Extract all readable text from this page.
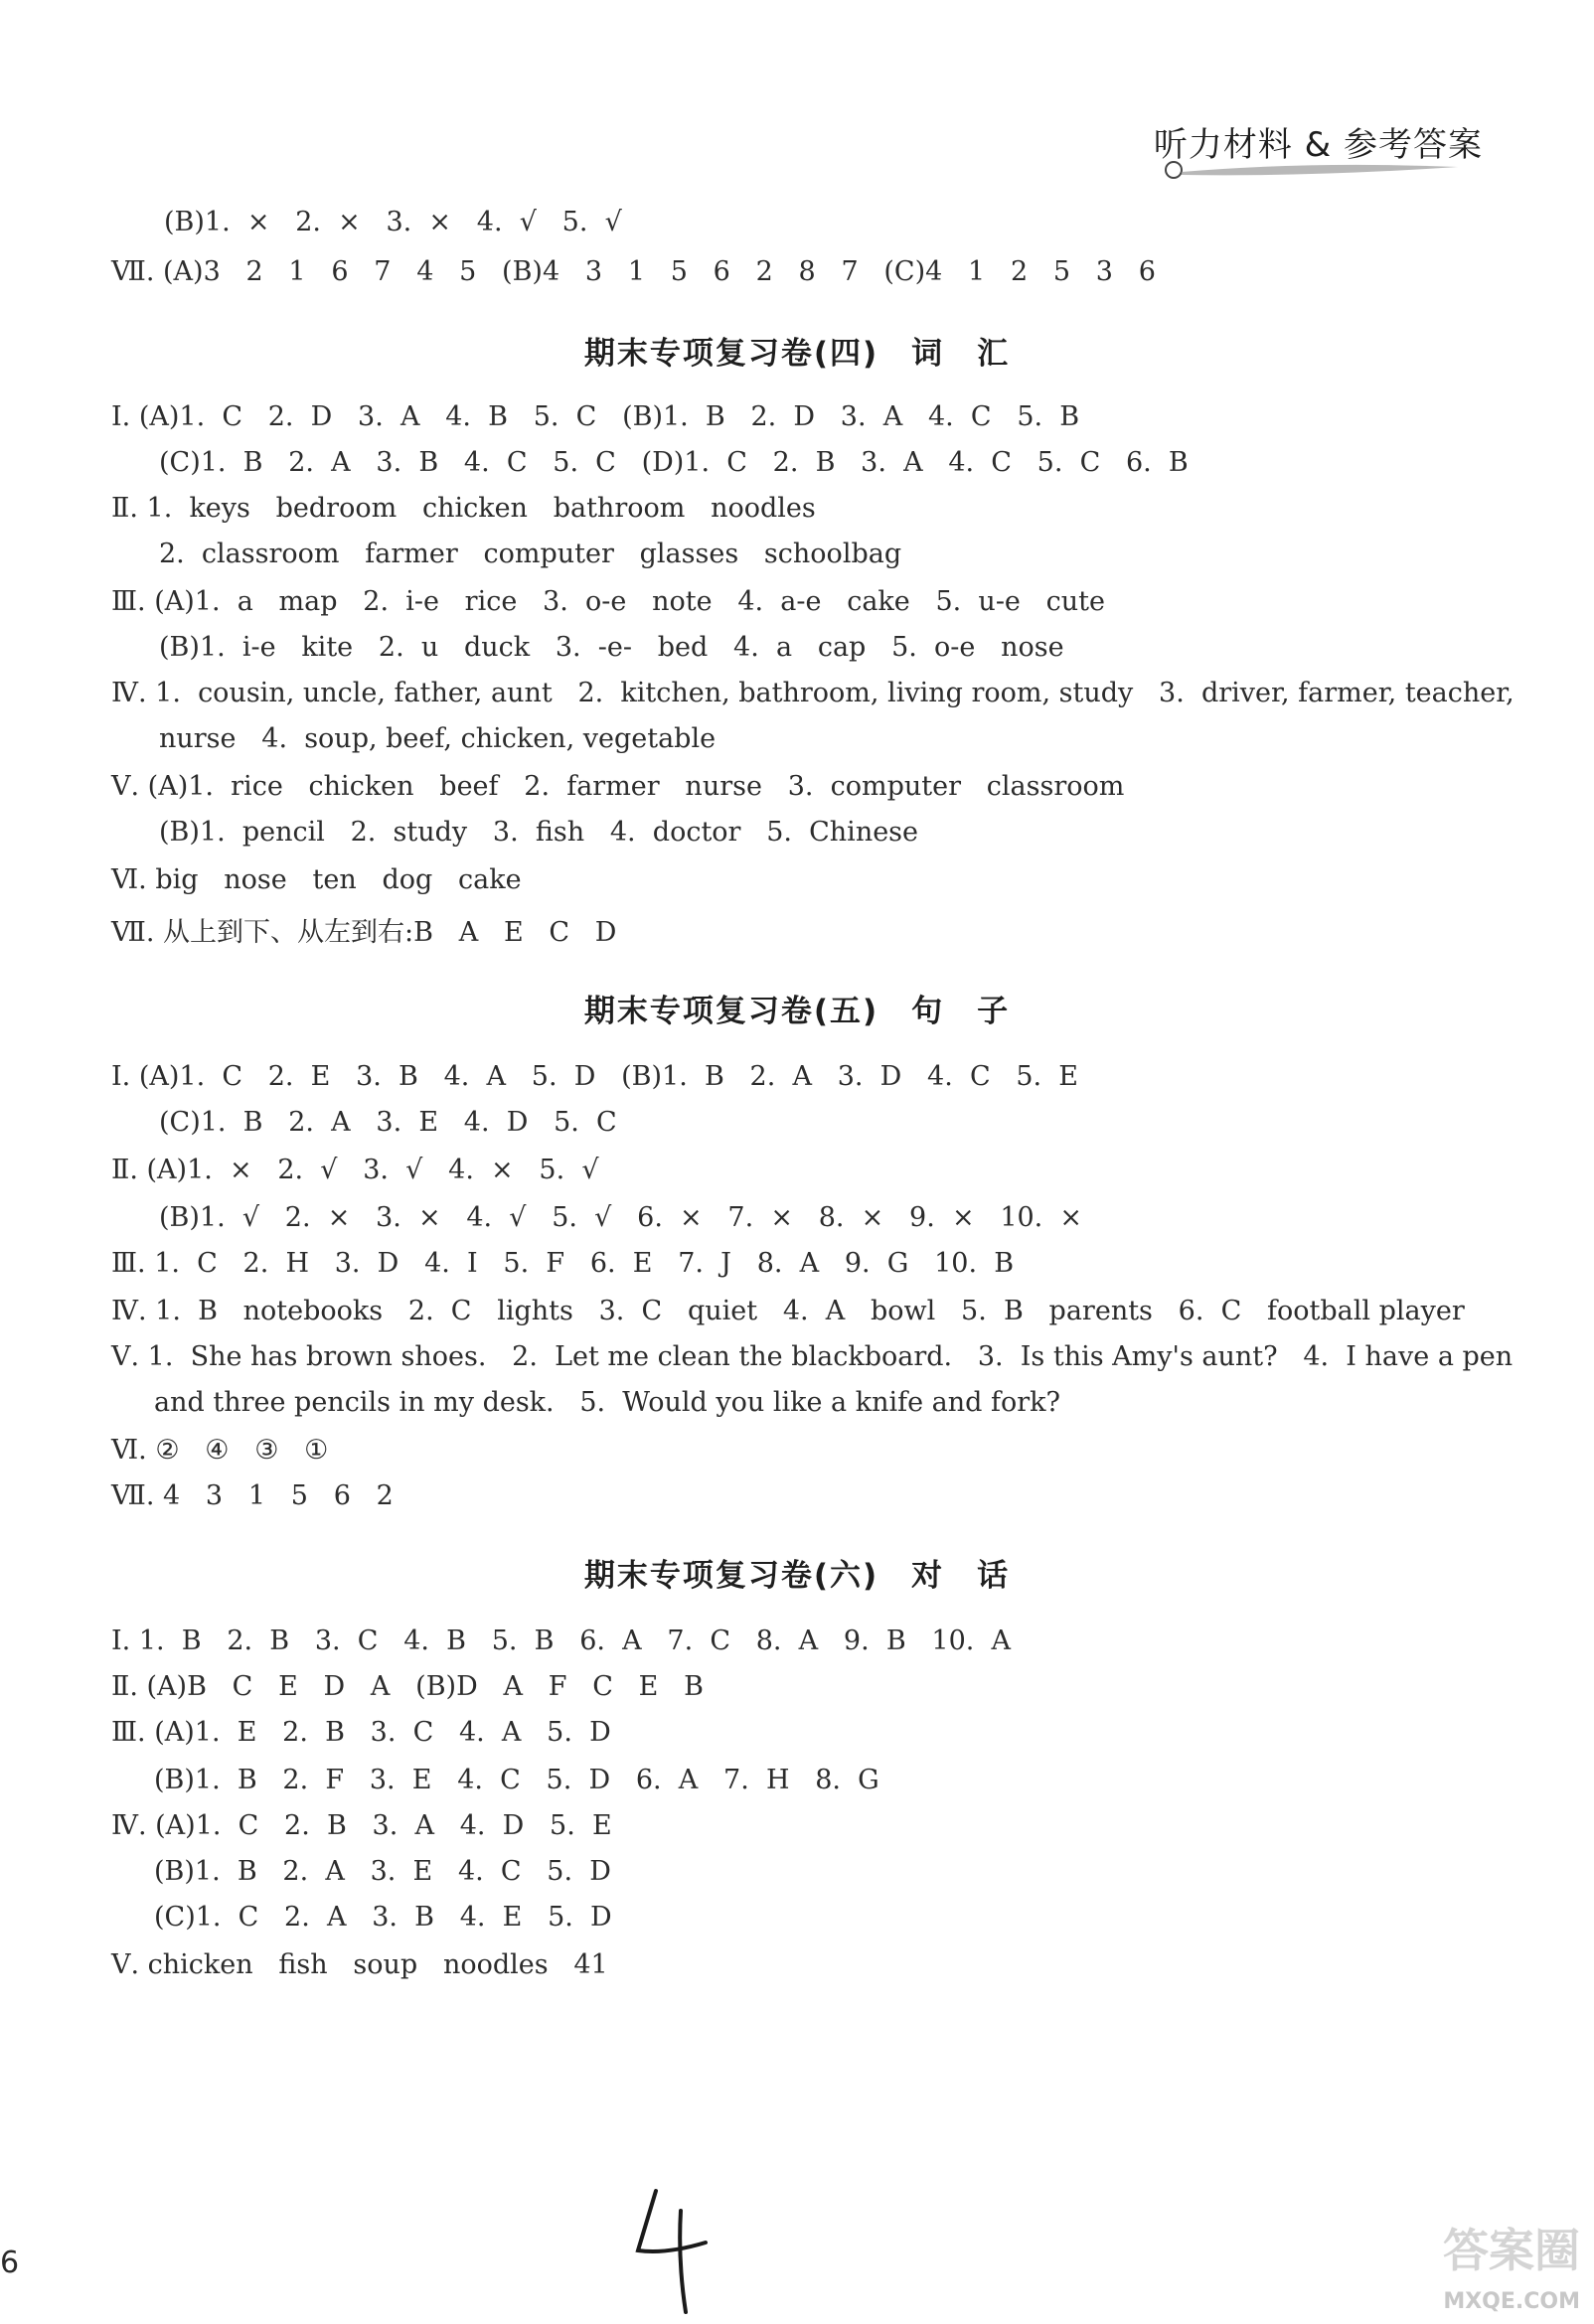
听力材料 & 参考答案
(B)1.  ×   2.  ×   3.  ×   4.  √   5.  √
Ⅶ. (A)3   2   1   6   7   4   5   (B)4   3   1   5   6   2   8   7   (C)4   1   2   5   3   6
期末专项复习卷(四)　词　汇
Ⅰ. (A)1.  C   2.  D   3.  A   4.  B   5.  C   (B)1.  B   2.  D   3.  A   4.  C   5.  B
(C)1.  B   2.  A   3.  B   4.  C   5.  C   (D)1.  C   2.  B   3.  A   4.  C   5.  C   6.  B
Ⅱ. 1.  keys   bedroom   chicken   bathroom   noodles
2.  classroom   farmer   computer   glasses   schoolbag
Ⅲ. (A)1.  a   map   2.  i-e   rice   3.  o-e   note   4.  a-e   cake   5.  u-e   cute
(B)1.  i-e   kite   2.  u   duck   3.  -e-   bed   4.  a   cap   5.  o-e   nose
Ⅳ. 1.  cousin, uncle, father, aunt   2.  kitchen, bathroom, living room, study   3.  driver, farmer, teacher,
nurse   4.  soup, beef, chicken, vegetable
Ⅴ. (A)1.  rice   chicken   beef   2.  farmer   nurse   3.  computer   classroom
(B)1.  pencil   2.  study   3.  fish   4.  doctor   5.  Chinese
Ⅵ. big   nose   ten   dog   cake
Ⅶ. 从上到下、从左到右:B   A   E   C   D
期末专项复习卷(五)　句　子
Ⅰ. (A)1.  C   2.  E   3.  B   4.  A   5.  D   (B)1.  B   2.  A   3.  D   4.  C   5.  E
(C)1.  B   2.  A   3.  E   4.  D   5.  C
Ⅱ. (A)1.  ×   2.  √   3.  √   4.  ×   5.  √
(B)1.  √   2.  ×   3.  ×   4.  √   5.  √   6.  ×   7.  ×   8.  ×   9.  ×   10.  ×
Ⅲ. 1.  C   2.  H   3.  D   4.  I   5.  F   6.  E   7.  J   8.  A   9.  G   10.  B
Ⅳ. 1.  B   notebooks   2.  C   lights   3.  C   quiet   4.  A   bowl   5.  B   parents   6.  C   football player
Ⅴ. 1.  She has brown shoes.   2.  Let me clean the blackboard.   3.  Is this Amy's aunt?   4.  I have a pen
and three pencils in my desk.   5.  Would you like a knife and fork?
Ⅵ. ②   ④   ③   ①
Ⅶ. 4   3   1   5   6   2
期末专项复习卷(六)　对　话
Ⅰ. 1.  B   2.  B   3.  C   4.  B   5.  B   6.  A   7.  C   8.  A   9.  B   10.  A
Ⅱ. (A)B   C   E   D   A   (B)D   A   F   C   E   B
Ⅲ. (A)1.  E   2.  B   3.  C   4.  A   5.  D
(B)1.  B   2.  F   3.  E   4.  C   5.  D   6.  A   7.  H   8.  G
Ⅳ. (A)1.  C   2.  B   3.  A   4.  D   5.  E
(B)1.  B   2.  A   3.  E   4.  C   5.  D
(C)1.  C   2.  A   3.  B   4.  E   5.  D
Ⅴ. chicken   fish   soup   noodles   41
6	答案圈
MXQE.COM
